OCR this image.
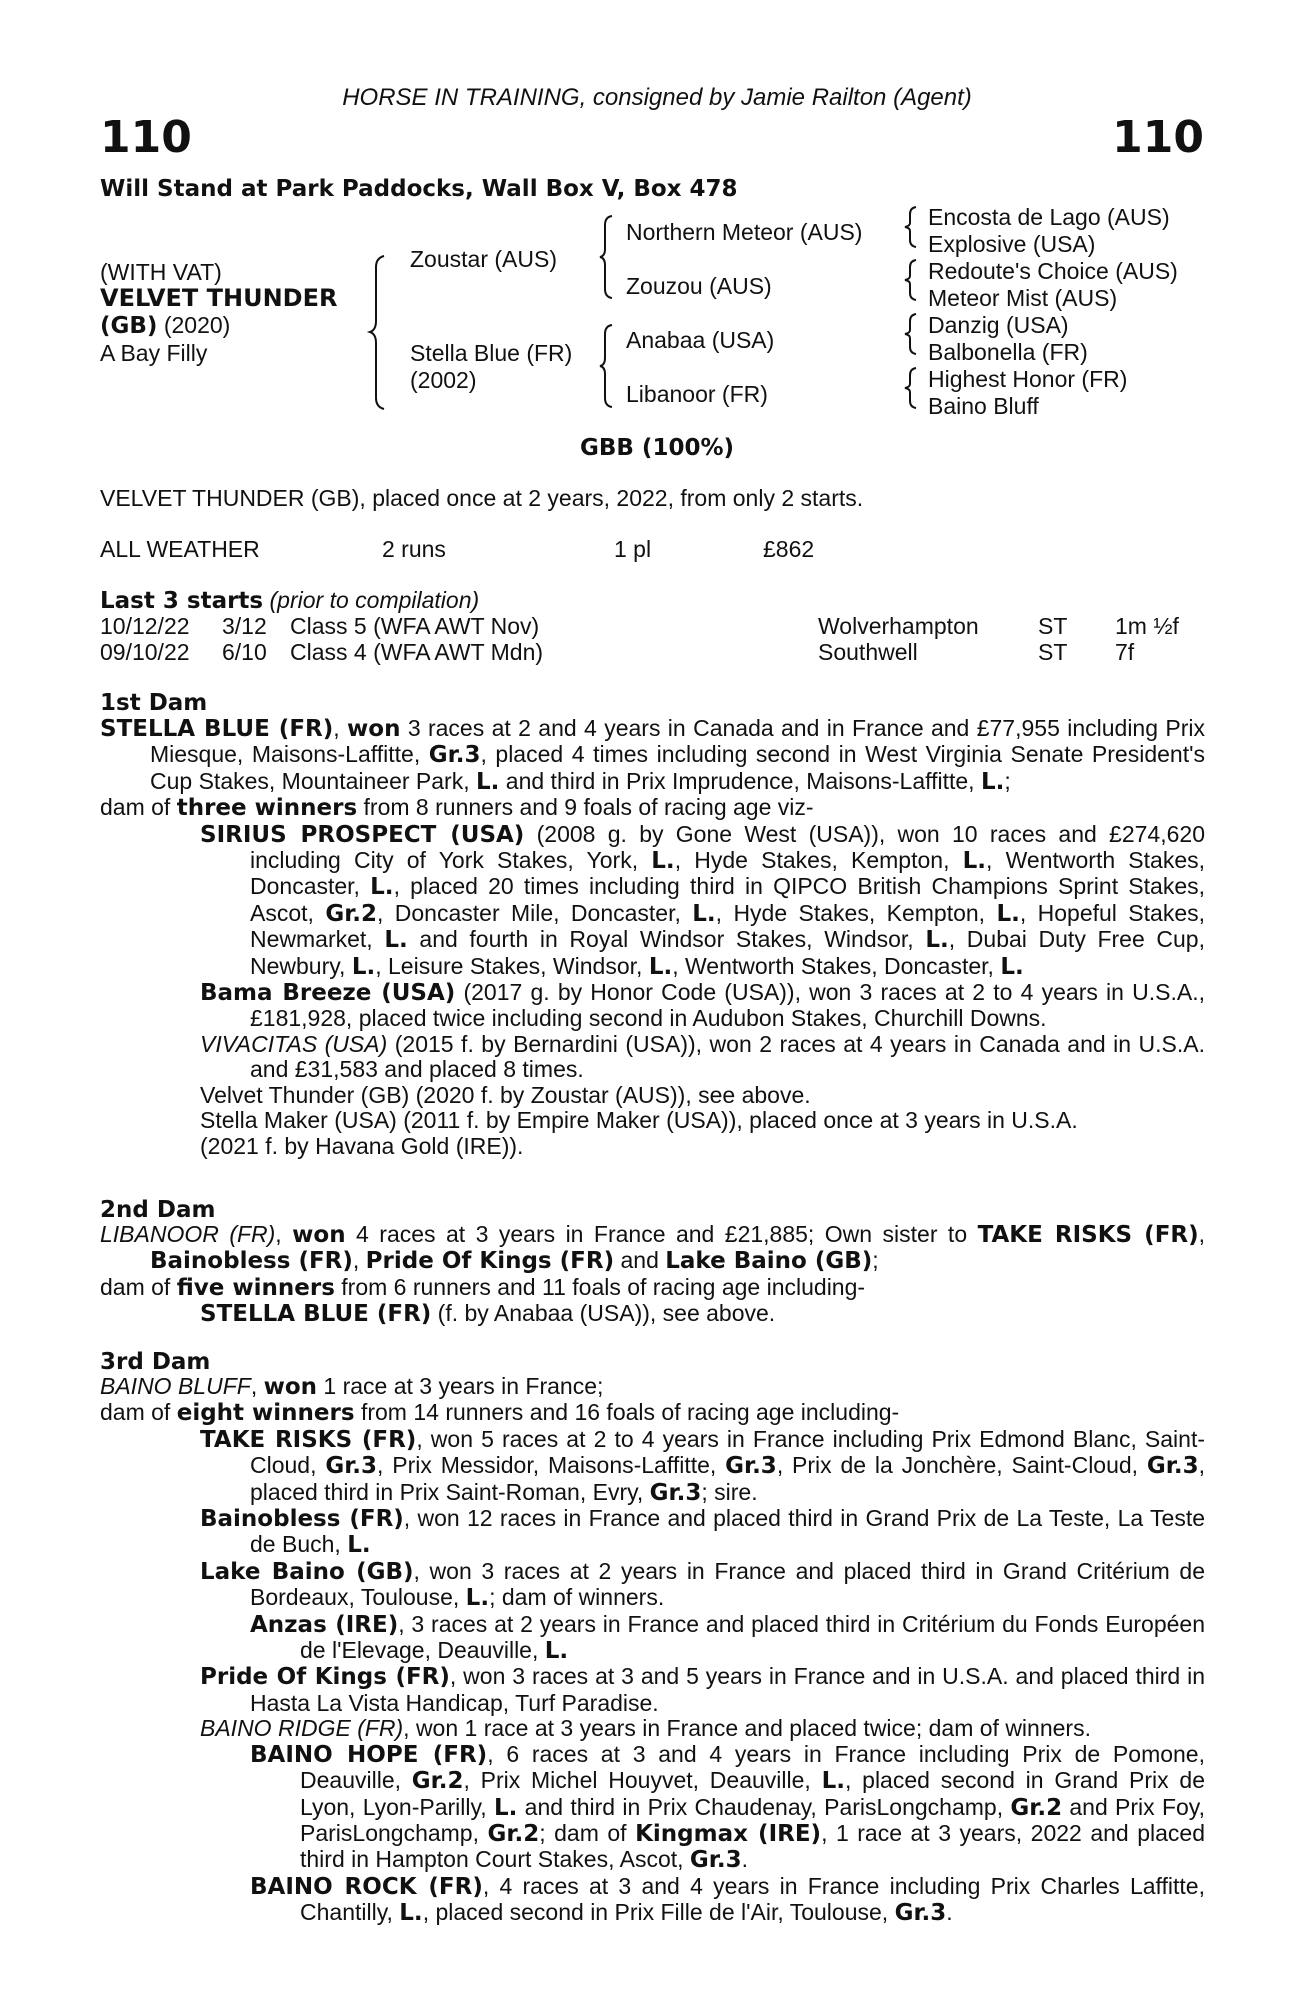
HORSE IN TRAINING, consigned by Jamie Railton (Agent)
110	110
Will Stand at Park Paddocks, Wall Box V, Box 478
(WITH VAT)
VELVET THUNDER
(GB) (2020)
A Bay Filly
Zoustar (AUS)
Stella Blue (FR)
(2002)
Northern Meteor (AUS)
Zouzou (AUS)
Anabaa (USA)
Libanoor (FR)
Encosta de Lago (AUS)
Explosive (USA)
Redoute's Choice (AUS)
Meteor Mist (AUS)
Danzig (USA)
Balbonella (FR)
Highest Honor (FR)
Baino Bluff
GBB (100%)
VELVET THUNDER (GB), placed once at 2 years, 2022, from only 2 starts.
ALL WEATHER	2 runs	1 pl	£862
Last 3 starts (prior to compilation)
10/12/22 3/12 Class 5 (WFA AWT Nov)	Wolverhampton	ST 1m ½f
09/10/22 6/10 Class 4 (WFA AWT Mdn)	Southwell	ST 7f
1st Dam

STELLA BLUE (FR), won 3 races at 2 and 4 years in Canada and in France and £77,955 including Prix Miesque, Maisons-Laffitte, Gr.3, placed 4 times including second in West Virginia Senate President's Cup Stakes, Mountaineer Park, L. and third in Prix Imprudence, Maisons-Laffitte, L.;

dam of three winners from 8 runners and 9 foals of racing age viz-

SIRIUS PROSPECT (USA) (2008 g. by Gone West (USA)), won 10 races and £274,620 including City of York Stakes, York, L., Hyde Stakes, Kempton, L., Wentworth Stakes, Doncaster, L., placed 20 times including third in QIPCO British Champions Sprint Stakes, Ascot, Gr.2, Doncaster Mile, Doncaster, L., Hyde Stakes, Kempton, L., Hopeful Stakes, Newmarket, L. and fourth in Royal Windsor Stakes, Windsor, L., Dubai Duty Free Cup, Newbury, L., Leisure Stakes, Windsor, L., Wentworth Stakes, Doncaster, L.

Bama Breeze (USA) (2017 g. by Honor Code (USA)), won 3 races at 2 to 4 years in U.S.A., £181,928, placed twice including second in Audubon Stakes, Churchill Downs.

VIVACITAS (USA) (2015 f. by Bernardini (USA)), won 2 races at 4 years in Canada and in U.S.A. and £31,583 and placed 8 times.

Velvet Thunder (GB) (2020 f. by Zoustar (AUS)), see above.

Stella Maker (USA) (2011 f. by Empire Maker (USA)), placed once at 3 years in U.S.A.

(2021 f. by Havana Gold (IRE)).

2nd Dam

LIBANOOR (FR), won 4 races at 3 years in France and £21,885; Own sister to TAKE RISKS (FR), Bainobless (FR), Pride Of Kings (FR) and Lake Baino (GB);

dam of five winners from 6 runners and 11 foals of racing age including-

STELLA BLUE (FR) (f. by Anabaa (USA)), see above.

3rd Dam

BAINO BLUFF, won 1 race at 3 years in France;

dam of eight winners from 14 runners and 16 foals of racing age including-

TAKE RISKS (FR), won 5 races at 2 to 4 years in France including Prix Edmond Blanc, Saint-Cloud, Gr.3, Prix Messidor, Maisons-Laffitte, Gr.3, Prix de la Jonchère, Saint-Cloud, Gr.3, placed third in Prix Saint-Roman, Evry, Gr.3; sire.

Bainobless (FR), won 12 races in France and placed third in Grand Prix de La Teste, La Teste de Buch, L.

Lake Baino (GB), won 3 races at 2 years in France and placed third in Grand Critérium de Bordeaux, Toulouse, L.; dam of winners.

Anzas (IRE), 3 races at 2 years in France and placed third in Critérium du Fonds Européen de l'Elevage, Deauville, L.

Pride Of Kings (FR), won 3 races at 3 and 5 years in France and in U.S.A. and placed third in Hasta La Vista Handicap, Turf Paradise.

BAINO RIDGE (FR), won 1 race at 3 years in France and placed twice; dam of winners.

BAINO HOPE (FR), 6 races at 3 and 4 years in France including Prix de Pomone, Deauville, Gr.2, Prix Michel Houyvet, Deauville, L., placed second in Grand Prix de Lyon, Lyon-Parilly, L. and third in Prix Chaudenay, ParisLongchamp, Gr.2 and Prix Foy, ParisLongchamp, Gr.2; dam of Kingmax (IRE), 1 race at 3 years, 2022 and placed third in Hampton Court Stakes, Ascot, Gr.3.

BAINO ROCK (FR), 4 races at 3 and 4 years in France including Prix Charles Laffitte, Chantilly, L., placed second in Prix Fille de l'Air, Toulouse, Gr.3.
